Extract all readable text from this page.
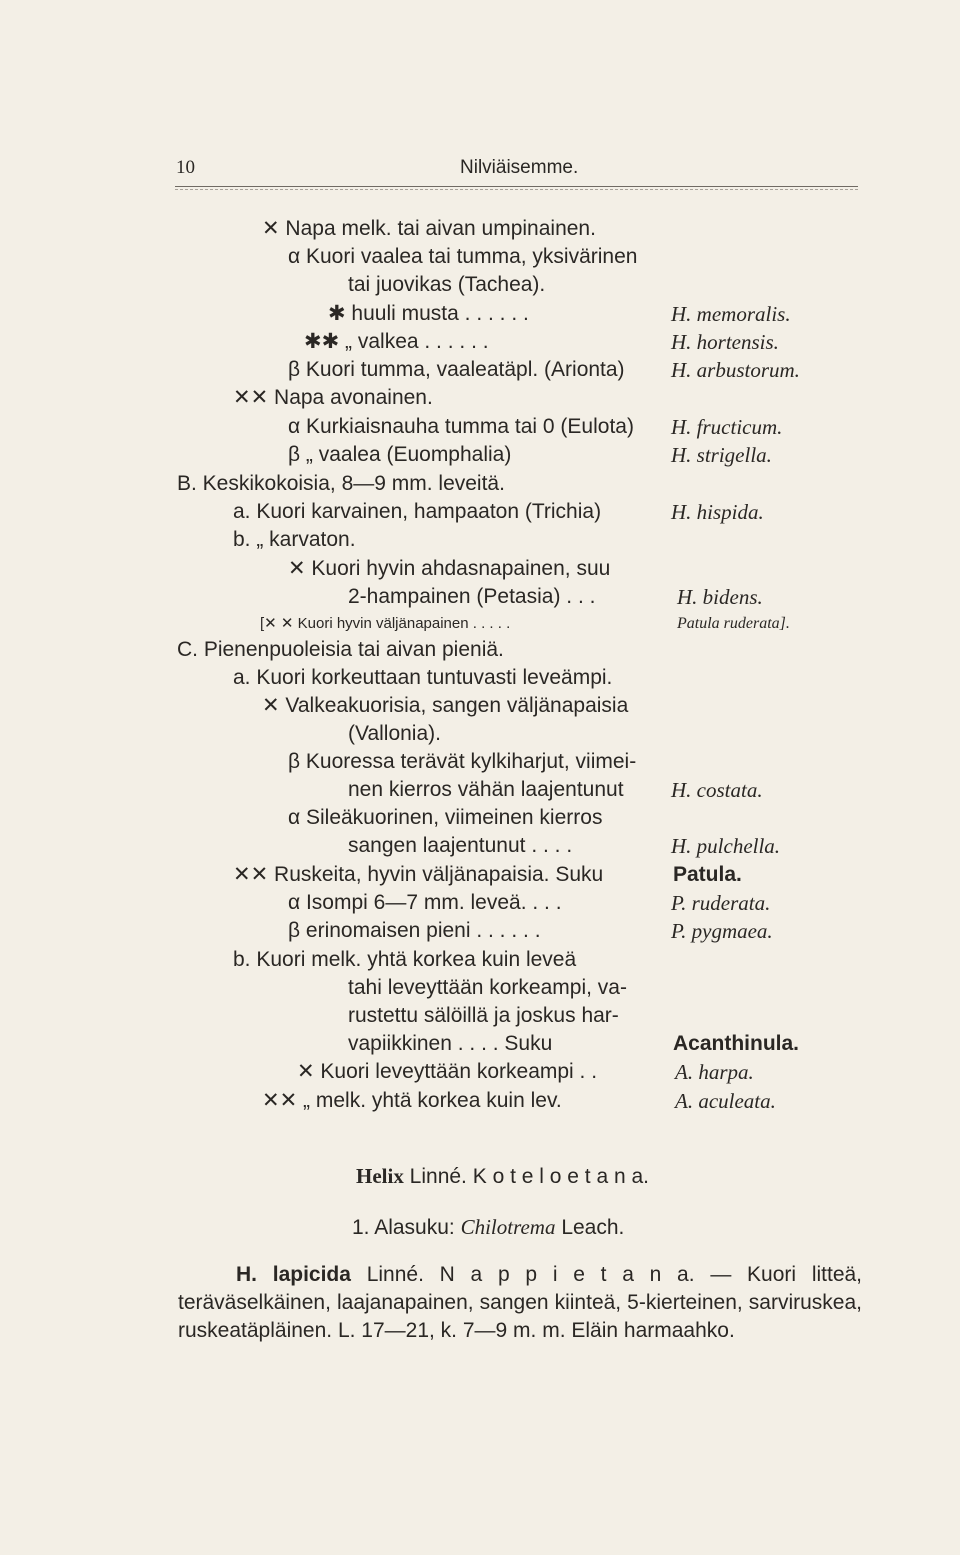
10	Nilviäisemme.
✕ Napa melk. tai aivan umpinainen.
α Kuori vaalea tai tumma, yksivärinen
tai juovikas (Tachea).
✱ huuli musta . . . . . .	H. memoralis.
✱✱ „ valkea . . . . . .	H. hortensis.
β Kuori tumma, vaaleatäpl. (Arionta) H. arbustorum.
✕✕ Napa avonainen.
α Kurkiaisnauha tumma tai 0 (Eulota) H. fructicum.
β „ vaalea (Euomphalia)	H. strigella.
B. Keskikokoisia, 8—9 mm. leveitä.
a. Kuori karvainen, hampaaton (Trichia)	H. hispida.
b. „ karvaton.
✕ Kuori hyvin ahdasnapainen, suu
2-hampainen (Petasia) . . .	H. bidens.
[✕ ✕ Kuori hyvin väljänapainen . . . . .	Patula ruderata].
C. Pienenpuoleisia tai aivan pieniä.
a. Kuori korkeuttaan tuntuvasti leveämpi.
✕ Valkeakuorisia, sangen väljänapaisia
(Vallonia).
β Kuoressa terävät kylkiharjut, viimei-
nen kierros vähän laajentunut H. costata.
α Sileäkuorinen, viimeinen kierros
sangen laajentunut . . . .	H. pulchella.
✕✕ Ruskeita, hyvin väljänapaisia. Suku	Patula.
α Isompi 6—7 mm. leveä. . . .	P. ruderata.
β erinomaisen pieni . . . . . .	P. pygmaea.
b. Kuori melk. yhtä korkea kuin leveä
tahi leveyttään korkeampi, va-
rustettu sälöillä ja joskus har-
vapiikkinen . . . . Suku	Acanthinula.
✕ Kuori leveyttään korkeampi . .	A. harpa.
✕✕ „ melk. yhtä korkea kuin lev.	A. aculeata.
Helix Linné. K o t e l o e t a n a.
1. Alasuku: Chilotrema Leach.
H. lapicida Linné. N a p p i e t a n a. — Kuori litteä, teräväselkäinen, laajanapainen, sangen kiinteä, 5-kierteinen, sarviruskea, ruskeatäpläinen. L. 17—21, k. 7—9 m. m. Eläin harmaahko.
